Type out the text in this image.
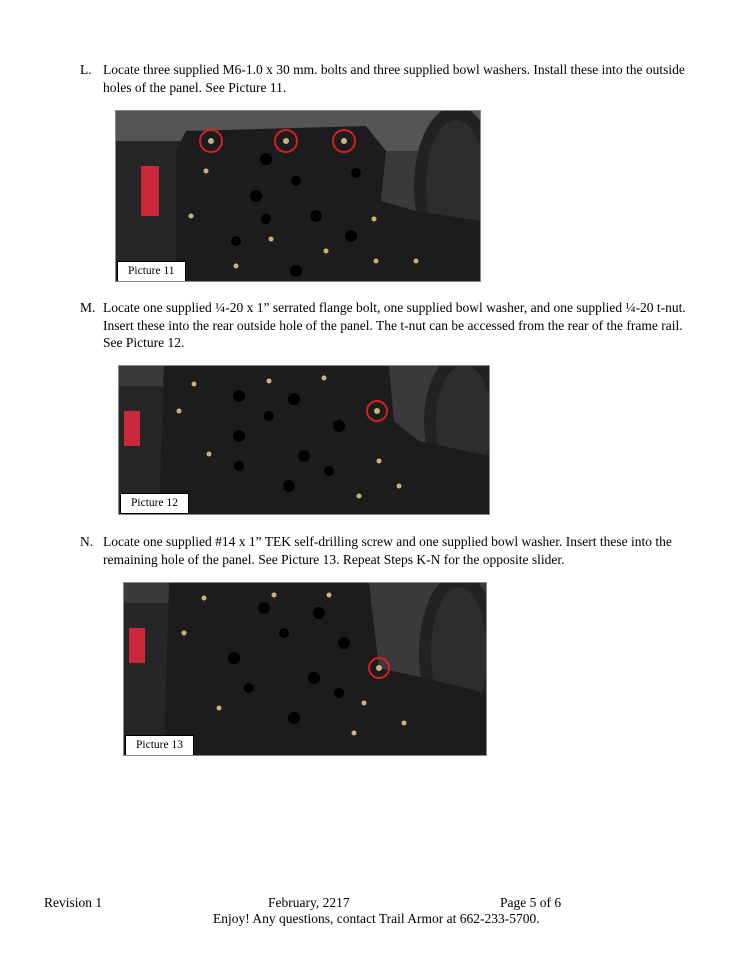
L. Locate three supplied M6-1.0 x 30 mm. bolts and three supplied bowl washers. Install these into the outside holes of the panel. See Picture 11.
Picture 11
M. Locate one supplied ¼-20 x 1” serrated flange bolt, one supplied bowl washer, and one supplied ¼-20 t-nut. Insert these into the rear outside hole of the panel. The t-nut can be accessed from the rear of the frame rail. See Picture 12.
Picture 12
N. Locate one supplied #14 x 1” TEK self-drilling screw and one supplied bowl washer. Insert these into the remaining hole of the panel. See Picture 13. Repeat Steps K-N for the opposite slider.
Picture 13
Revision 1	February, 2217	Page 5 of 6
Enjoy! Any questions, contact Trail Armor at 662-233-5700.
